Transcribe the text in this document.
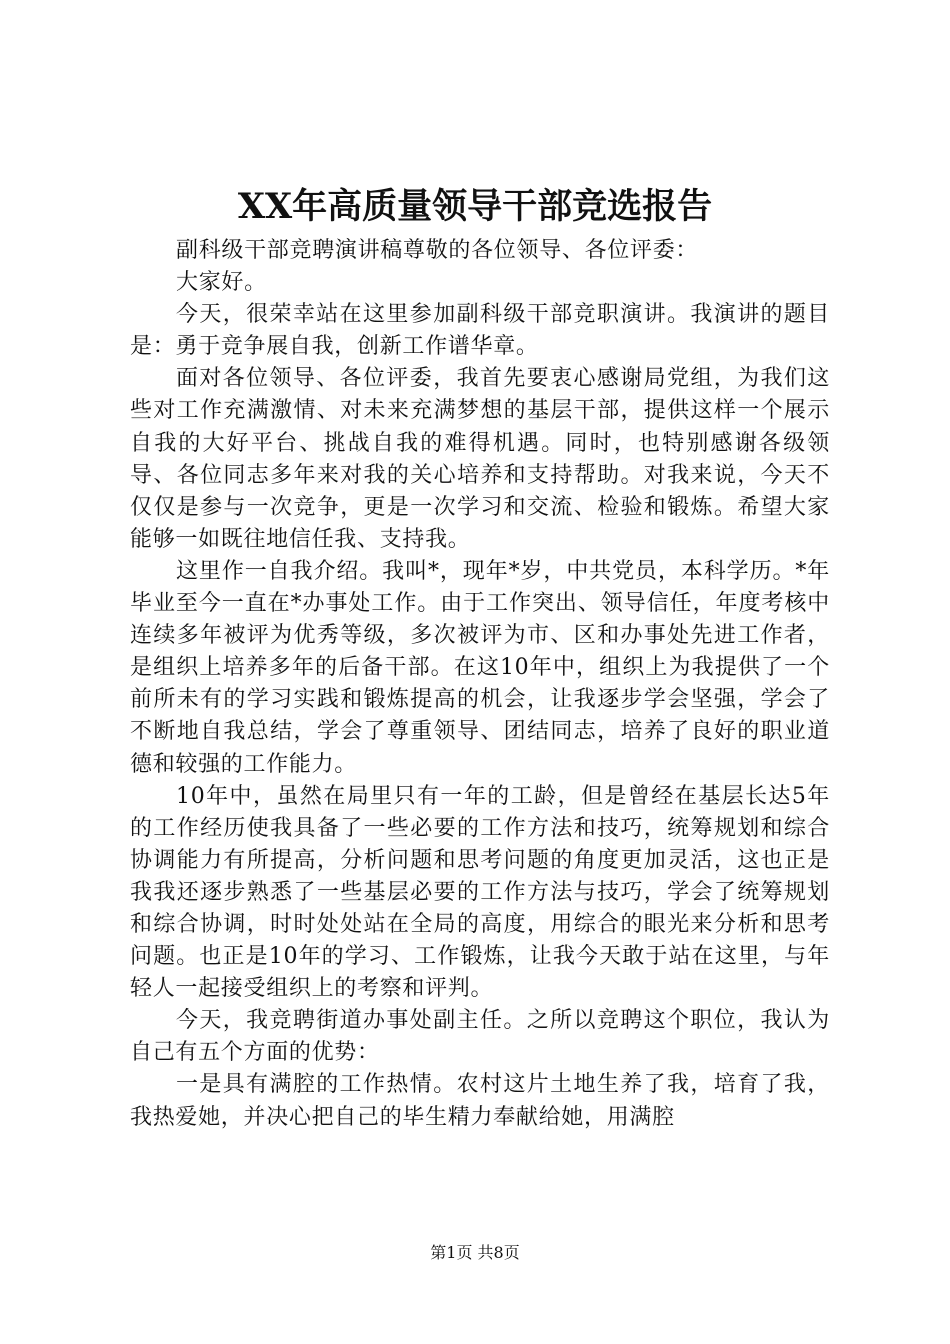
XX年高质量领导干部竞选报告

副科级干部竞聘演讲稿尊敬的各位领导、各位评委：

大家好。

今天，很荣幸站在这里参加副科级干部竞职演讲。我演讲的题目是：勇于竞争展自我，创新工作谱华章。

面对各位领导、各位评委，我首先要衷心感谢局党组，为我们这些对工作充满激情、对未来充满梦想的基层干部，提供这样一个展示自我的大好平台、挑战自我的难得机遇。同时，也特别感谢各级领导、各位同志多年来对我的关心培养和支持帮助。对我来说，今天不仅仅是参与一次竞争，更是一次学习和交流、检验和锻炼。希望大家能够一如既往地信任我、支持我。

这里作一自我介绍。我叫*，现年*岁，中共党员，本科学历。*年毕业至今一直在*办事处工作。由于工作突出、领导信任，年度考核中连续多年被评为优秀等级，多次被评为市、区和办事处先进工作者，是组织上培养多年的后备干部。在这10年中，组织上为我提供了一个前所未有的学习实践和锻炼提高的机会，让我逐步学会坚强，学会了不断地自我总结，学会了尊重领导、团结同志，培养了良好的职业道德和较强的工作能力。

10年中，虽然在局里只有一年的工龄，但是曾经在基层长达5年的工作经历使我具备了一些必要的工作方法和技巧，统筹规划和综合协调能力有所提高，分析问题和思考问题的角度更加灵活，这也正是我我还逐步熟悉了一些基层必要的工作方法与技巧，学会了统筹规划和综合协调，时时处处站在全局的高度，用综合的眼光来分析和思考问题。也正是10年的学习、工作锻炼，让我今天敢于站在这里，与年轻人一起接受组织上的考察和评判。

今天，我竞聘街道办事处副主任。之所以竞聘这个职位，我认为自己有五个方面的优势：

一是具有满腔的工作热情。农村这片土地生养了我，培育了我，我热爱她，并决心把自己的毕生精力奉献给她，用满腔

第1页 共8页
